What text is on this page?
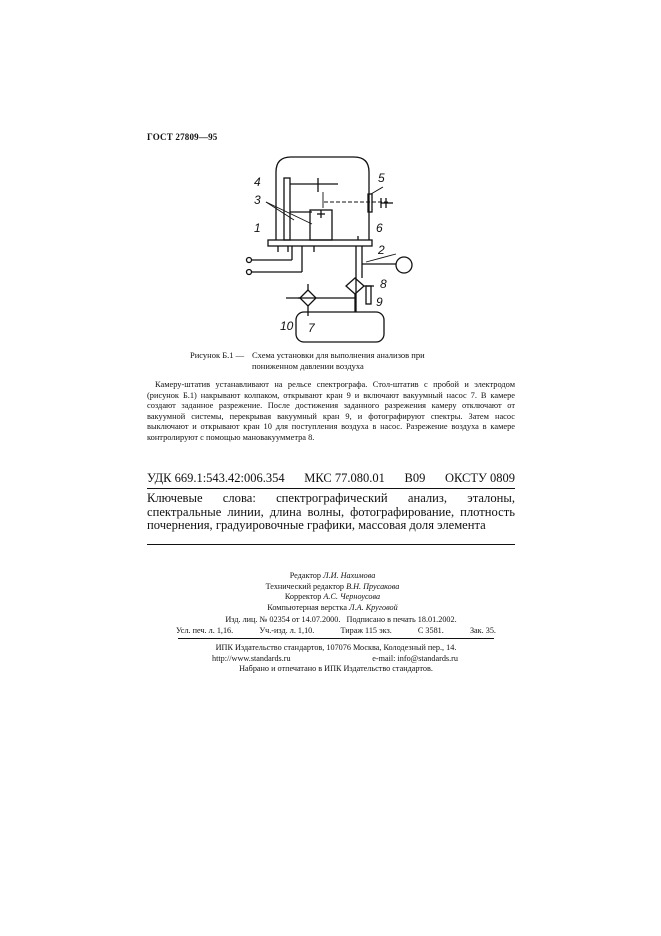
ГОСТ 27809—95
4
3
1
5
6
2
8
9
10 7
Рисунок Б.1 — Схема установки для выполнения анализов при
пониженном давлении воздуха

Камеру-штатив устанавливают на рельсе спектрографа. Стол-штатив с пробой и электродом (рисунок Б.1) накрывают колпаком, открывают кран 9 и включают вакуумный насос 7. В камере создают заданное разрежение. После достижения заданного разрежения камеру отключают от вакуумной системы, перекрывая вакуумный кран 9, и фотографируют спектры. Затем насос выключают и открывают кран 10 для поступления воздуха в насос. Разрежение воздуха в камере контролируют с помощью мановакуумметра 8.

УДК 669.1:543.42:006.354 МКС 77.080.01 B09 ОКСТУ 0809
Ключевые слова: спектрографический анализ, эталоны, спектральные линии, длина волны, фотографирование, плотность почернения, градуировочные графики, массовая доля элемента
Редактор Л.И. Нахимова
Технический редактор В.Н. Прусакова
Корректор А.С. Черноусова
Компьютерная верстка Л.А. Круговой
Изд. лиц. № 02354 от 14.07.2000. Подписано в печать 18.01.2002.
Усл. печ. л. 1,16.	Уч.-изд. л. 1,10.	Тираж 115 экз.	С 3581.	Зак. 35.
ИПК Издательство стандартов, 107076 Москва, Колодезный пер., 14.
http://www.standards.ru	e-mail: info@standards.ru
Набрано и отпечатано в ИПК Издательство стандартов.
